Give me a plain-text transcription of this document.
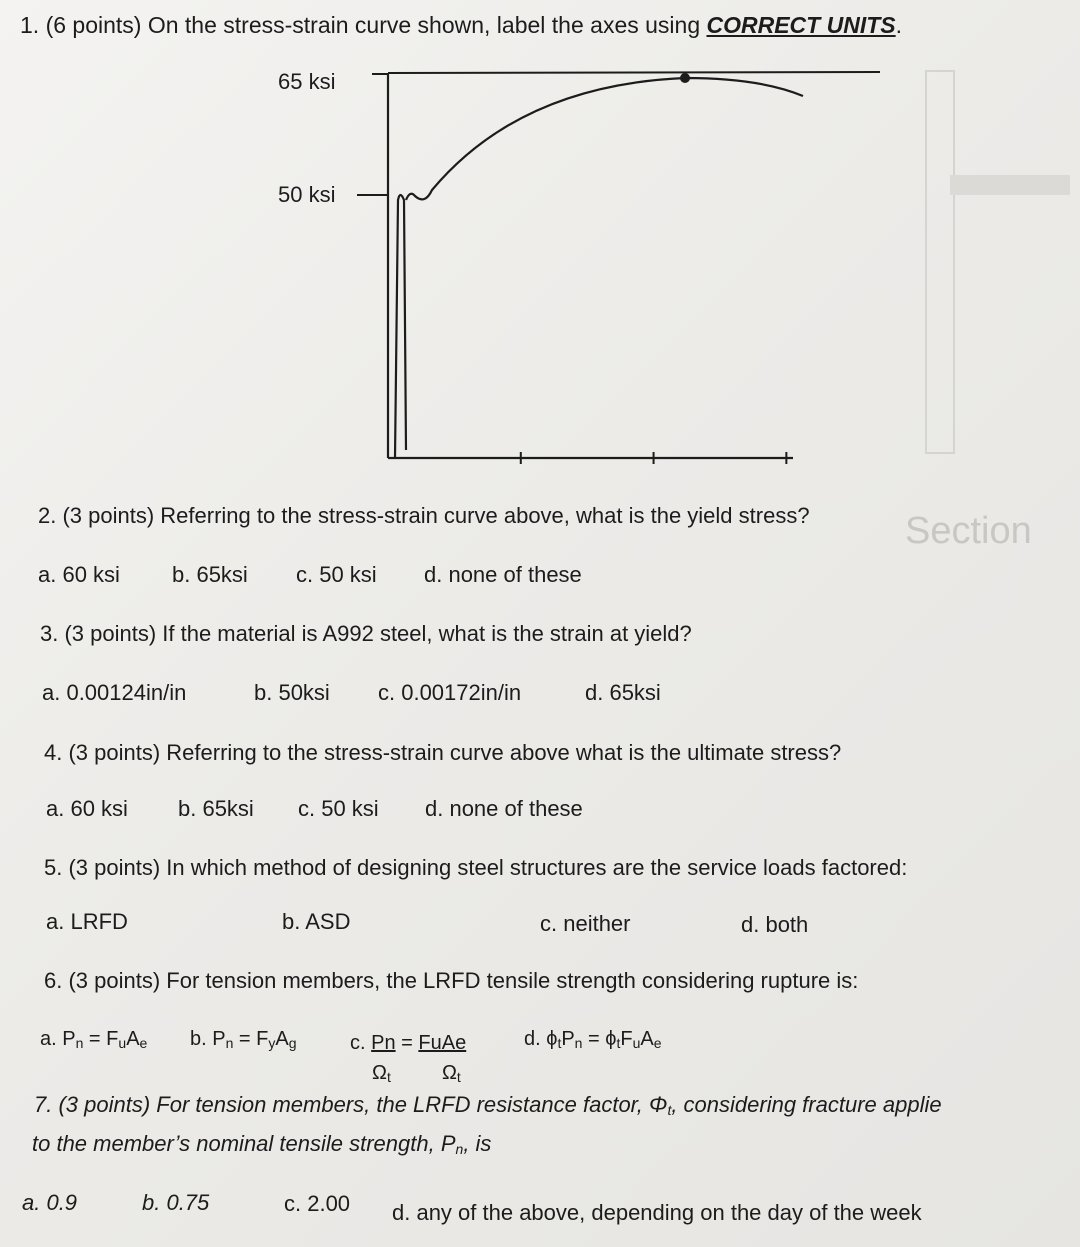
Section
1. (6 points) On the stress-strain curve shown, label the axes using CORRECT UNITS.
65 ksi
50 ksi
2. (3 points) Referring to the stress-strain curve above, what is the yield stress?
a. 60 ksi b. 65ksi c. 50 ksi d. none of these
3. (3 points) If the material is A992 steel, what is the strain at yield?
a. 0.00124in/in	b. 50ksi c. 0.00172in/in	d. 65ksi
4. (3 points) Referring to the stress-strain curve above what is the ultimate stress?
a. 60 ksi b. 65ksi c. 50 ksi d. none of these
5. (3 points) In which method of designing steel structures are the service loads factored:
a. LRFD	b. ASD	c. neither	d. both
6. (3 points) For tension members, the LRFD tensile strength considering rupture is:
a. $P_n = F_uA_e$ b. $P_n = F_yA_g$	c. Pn = FuAe
$\Omega_t$	$\Omega_t$
d. $\phi_tP_n = \phi_tF_uA_e$
7. (3 points) For tension members, the LRFD resistance factor, $\Phi_t$, considering fracture applie
to the member’s nominal tensile strength, $P_n$, is
a. 0.9	b. 0.75	c. 2.00 d. any of the above, depending on the day of the week
